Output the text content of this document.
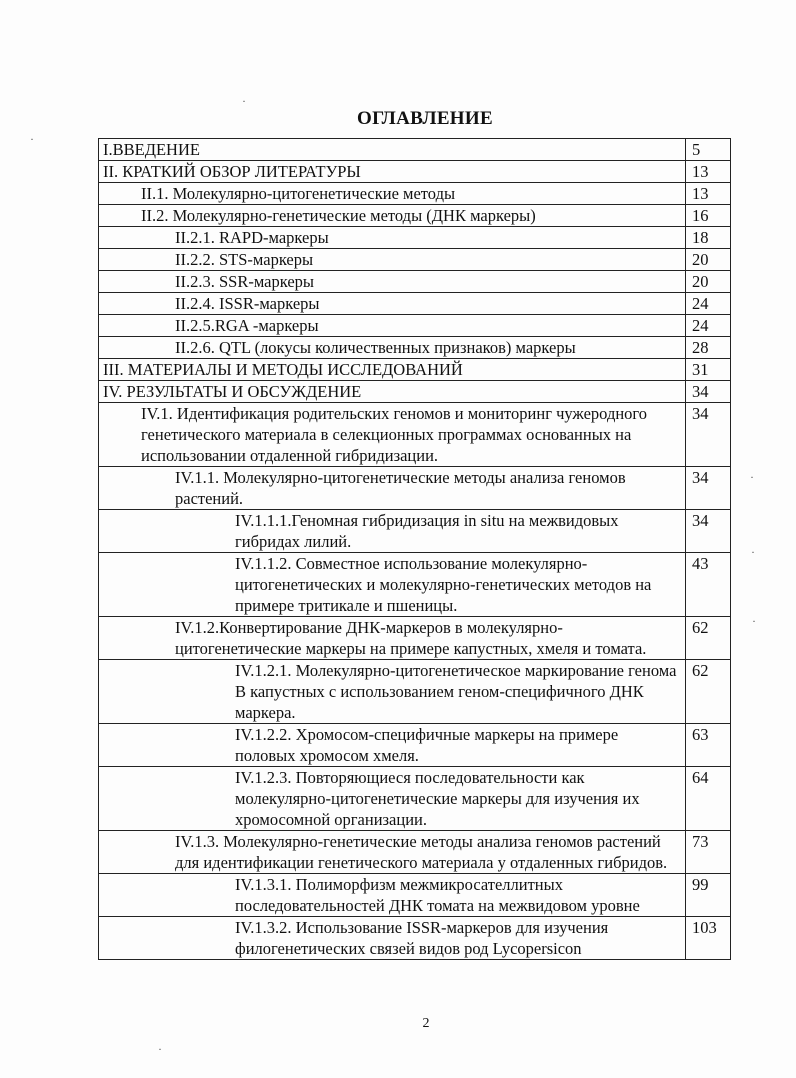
ОГЛАВЛЕНИЕ
I.ВВЕДЕНИЕ	5
II. КРАТКИЙ ОБЗОР ЛИТЕРАТУРЫ	13
II.1. Молекулярно-цитогенетические методы	13
II.2. Молекулярно-генетические методы (ДНК маркеры)	16
II.2.1. RAPD-маркеры	18
II.2.2. STS-маркеры	20
II.2.3. SSR-маркеры	20
II.2.4. ISSR-маркеры	24
II.2.5.RGA -маркеры	24
II.2.6. QTL (локусы количественных признаков) маркеры	28
III. МАТЕРИАЛЫ И МЕТОДЫ ИССЛЕДОВАНИЙ	31
IV. РЕЗУЛЬТАТЫ И ОБСУЖДЕНИЕ	34
IV.1. Идентификация родительских геномов и мониторинг чужеродного генетического материала в селекционных программах основанных на использовании отдаленной гибридизации.	34
IV.1.1. Молекулярно-цитогенетические методы анализа геномов растений.	34
IV.1.1.1.Геномная гибридизация in situ на межвидовых гибридах лилий.	34
IV.1.1.2. Совместное использование молекулярно-цитогенетических и молекулярно-генетических методов на примере тритикале и пшеницы.	43
IV.1.2.Конвертирование ДНК-маркеров в молекулярно-цитогенетические маркеры на примере капустных, хмеля и томата.	62
IV.1.2.1. Молекулярно-цитогенетическое маркирование генома B капустных с использованием геном-специфичного ДНК маркера.	62
IV.1.2.2. Хромосом-специфичные маркеры на примере половых хромосом хмеля.	63
IV.1.2.3. Повторяющиеся последовательности как молекулярно-цитогенетические маркеры для изучения их хромосомной организации.	64
IV.1.3. Молекулярно-генетические методы анализа геномов растений для идентификации генетического материала у отдаленных гибридов.	73
IV.1.3.1. Полиморфизм межмикросателлитных последовательностей ДНК томата на межвидовом уровне	99
IV.1.3.2. Использование ISSR-маркеров для изучения филогенетических связей видов род Lycopersicon	103
2
·
·
·
·
·
·
